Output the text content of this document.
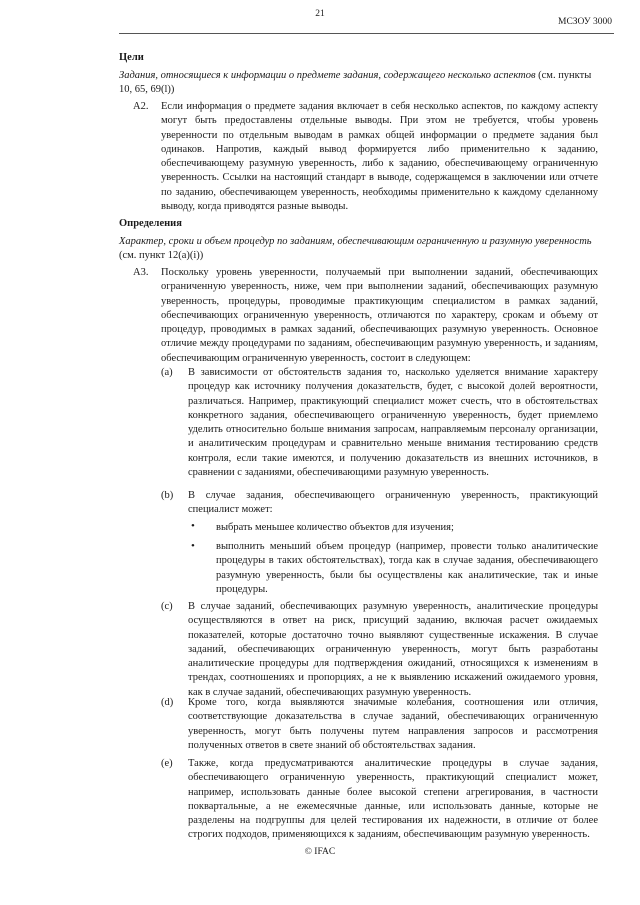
21
МСЗОУ 3000
Цели
Задания, относящиеся к информации о предмете задания, содержащего несколько аспектов (см. пункты 10, 65, 69(l))
A2. Если информация о предмете задания включает в себя несколько аспектов, по каждому аспекту могут быть предоставлены отдельные выводы. При этом не требуется, чтобы уровень уверенности по отдельным выводам в рамках общей информации о предмете задания был одинаков. Напротив, каждый вывод формируется либо применительно к заданию, обеспечивающему разумную уверенность, либо к заданию, обеспечивающему ограниченную уверенность. Ссылки на настоящий стандарт в выводе, содержащемся в заключении или отчете по заданию, обеспечивающем уверенность, необходимы применительно к каждому сделанному выводу, когда приводятся разные выводы.
Определения
Характер, сроки и объем процедур по заданиям, обеспечивающим ограниченную и разумную уверенность (см. пункт 12(a)(i))
A3. Поскольку уровень уверенности, получаемый при выполнении заданий, обеспечивающих ограниченную уверенность, ниже, чем при выполнении заданий, обеспечивающих разумную уверенность, процедуры, проводимые практикующим специалистом в рамках заданий, обеспечивающих ограниченную уверенность, отличаются по характеру, срокам и объему от процедур, проводимых в рамках заданий, обеспечивающих разумную уверенность. Основное отличие между процедурами по заданиям, обеспечивающим разумную уверенность, и заданиям, обеспечивающим ограниченную уверенность, состоит в следующем:
(a) В зависимости от обстоятельств задания то, насколько уделяется внимание характеру процедур как источнику получения доказательств, будет, с высокой долей вероятности, различаться. Например, практикующий специалист может счесть, что в обстоятельствах конкретного задания, обеспечивающего ограниченную уверенность, будет приемлемо уделить относительно больше внимания запросам, направляемым персоналу организации, и аналитическим процедурам и сравнительно меньше внимания тестированию средств контроля, если такие имеются, и получению доказательств из внешних источников, в сравнении с заданиями, обеспечивающими разумную уверенность.
(b) В случае задания, обеспечивающего ограниченную уверенность, практикующий специалист может:
• выбрать меньшее количество объектов для изучения;
• выполнить меньший объем процедур (например, провести только аналитические процедуры в таких обстоятельствах), тогда как в случае задания, обеспечивающего разумную уверенность, были бы осуществлены как аналитические, так и иные процедуры.
(c) В случае заданий, обеспечивающих разумную уверенность, аналитические процедуры осуществляются в ответ на риск, присущий заданию, включая расчет ожидаемых показателей, которые достаточно точно выявляют существенные искажения. В случае заданий, обеспечивающих ограниченную уверенность, могут быть разработаны аналитические процедуры для подтверждения ожиданий, относящихся к изменениям в трендах, соотношениях и пропорциях, а не к выявлению искажений ожидаемого уровня, как в случае заданий, обеспечивающих разумную уверенность.
(d) Кроме того, когда выявляются значимые колебания, соотношения или отличия, соответствующие доказательства в случае заданий, обеспечивающих ограниченную уверенность, могут быть получены путем направления запросов и рассмотрения полученных ответов в свете знаний об обстоятельствах задания.
(e) Также, когда предусматриваются аналитические процедуры в случае задания, обеспечивающего ограниченную уверенность, практикующий специалист может, например, использовать данные более высокой степени агрегирования, в частности поквартальные, а не ежемесячные данные, или использовать данные, которые не разделены на подгруппы для целей тестирования их надежности, в отличие от более строгих подходов, применяющихся к заданиям, обеспечивающим разумную уверенность.
© IFAC
